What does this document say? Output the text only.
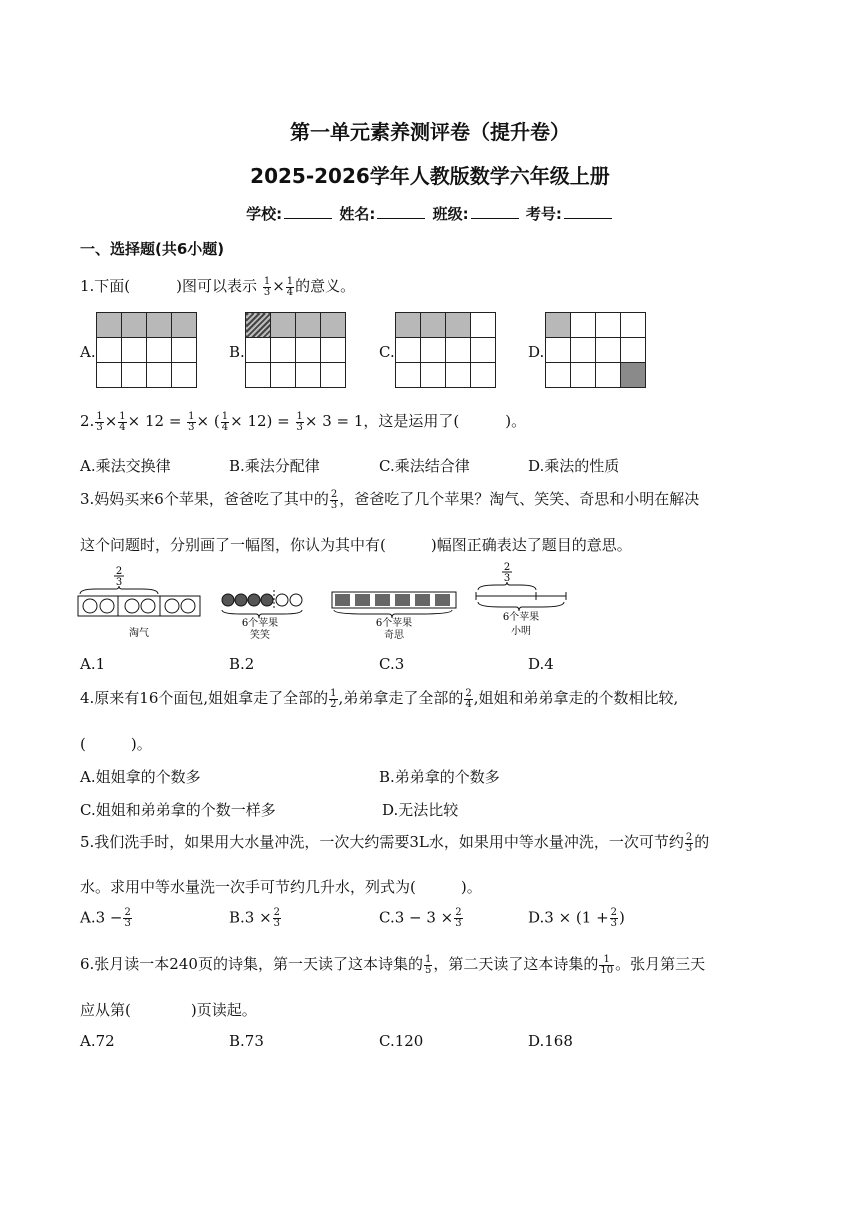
第一单元素养测评卷（提升卷）
2025-2026学年人教版数学六年级上册
学校:	姓名:	班级:	考号:
一、选择题(共6小题)
1.下面(	)图可以表示 $\frac{1}{3} \times \frac{1}{4}$ 的意义。
A.

				B.

				C.

				D.

2. $\frac{1}{3} \times \frac{1}{4} \times 12 = \frac{1}{3}$ × ( $\frac{1}{4} \times 12) = \frac{1}{3} \times 3 = 1$，这是运用了(	)。
A.乘法交换律	B.乘法分配律	C.乘法结合律	D.乘法的性质
3.妈妈买来6个苹果，爸爸吃了其中的 $\frac{2}{3}$ ，爸爸吃了几个苹果？淘气、笑笑、奇思和小明在解决
这个问题时，分别画了一幅图，你认为其中有(　　　)幅图正确表达了题目的意思。
2
3
淘气
6个苹果
笑笑
6个苹果
奇思
2
3
6个苹果
小明
A.1	B.2	C.3	D.4
4.原来有16个面包,姐姐拿走了全部的 $\frac{1}{2}$ ,弟弟拿走了全部的 $\frac{2}{4}$ ,姐姐和弟弟拿走的个数相比较,
(　　　)。
A.姐姐拿的个数多	B.弟弟拿的个数多
C.姐姐和弟弟拿的个数一样多	D.无法比较
5.我们洗手时，如果用大水量冲洗，一次大约需要3L水，如果用中等水量冲洗，一次可节约 $\frac{2}{3}$ 的
水。求用中等水量洗一次手可节约几升水，列式为(　　　)。
$A.3 - \frac{2}{3}$	$B.3 \times \frac{2}{3}$	$C.3 - 3 \times \frac{2}{3}$	$D.3 \times (1 + \frac{2}{3}$ )
6.张月读一本240页的诗集，第一天读了这本诗集的 $\frac{1}{5}$ ，第二天读了这本诗集的 $\frac{1}{10}$ 。张月第三天
应从第(　　　　)页读起。
A.72	B.73	C.120	D.168
